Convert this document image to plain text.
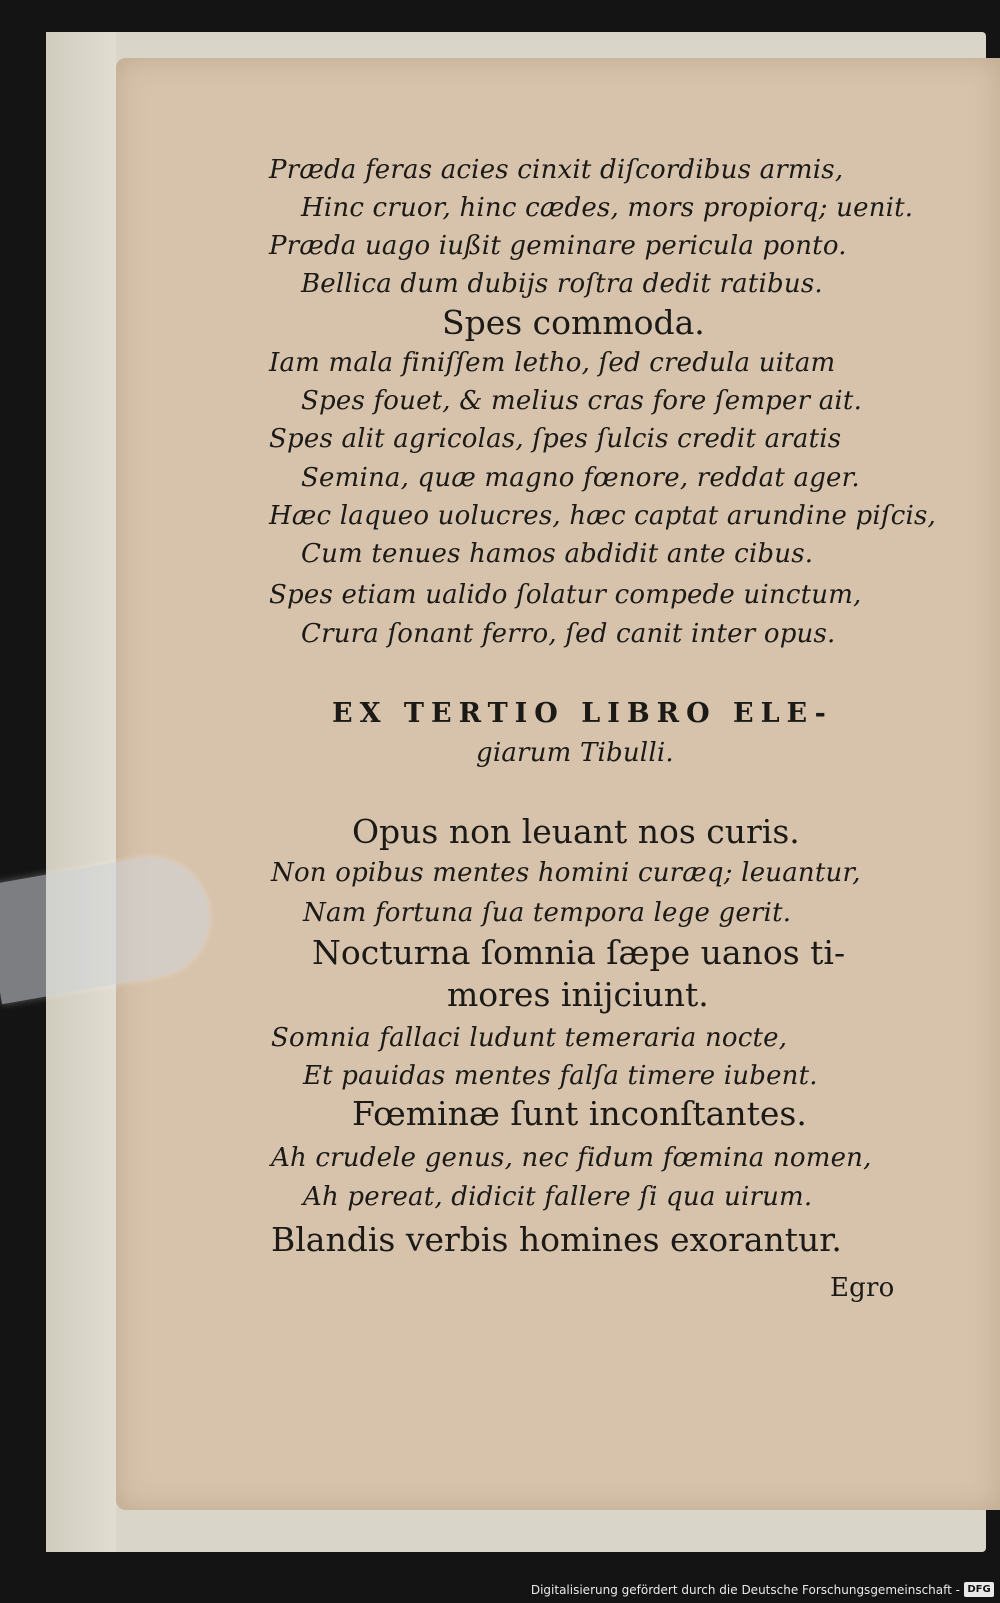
Præda feras acies cinxit diſcordibus armis,
Hinc cruor, hinc cædes, mors propiorq; uenit.
Præda uago iußit geminare pericula ponto.
Bellica dum dubijs roſtra dedit ratibus.
Spes commoda.
Iam mala finiſſem letho, ſed credula uitam
Spes fouet, & melius cras fore ſemper ait.
Spes alit agricolas, ſpes ſulcis credit aratis
Semina, quæ magno fœnore, reddat ager.
Hæc laqueo uolucres, hæc captat arundine piſcis,
Cum tenues hamos abdidit ante cibus.
Spes etiam ualido ſolatur compede uinctum,
Crura ſonant ferro, ſed canit inter opus.
EX TERTIO LIBRO ELE-
giarum Tibulli.
Opus non leuant nos curis.
Non opibus mentes homini curæq; leuantur,
Nam fortuna ſua tempora lege gerit.
Nocturna ſomnia ſæpe uanos ti-
mores inijciunt.
Somnia fallaci ludunt temeraria nocte,
Et pauidas mentes falſa timere iubent.
Fœminæ ſunt inconſtantes.
Ah crudele genus, nec fidum fœmina nomen,
Ah pereat, didicit fallere ſi qua uirum.
Blandis verbis homines exorantur.
Egro
Digitalisierung gefördert durch die Deutsche Forschungsgemeinschaft - DFG
